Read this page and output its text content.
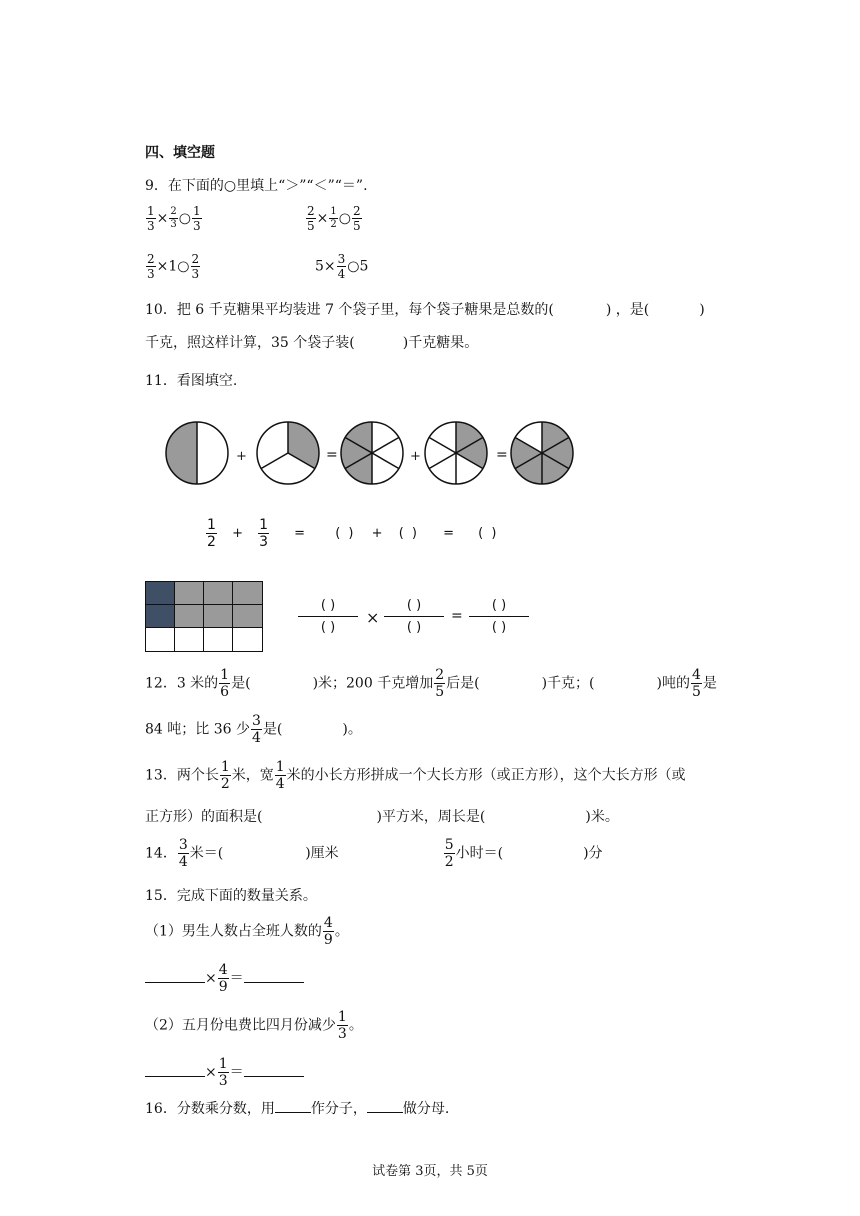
四、填空题
9．在下面的○里填上“＞”“＜”“＝”.
$\frac{1}{3} \times \frac{2}{3}$ ○ $\frac{1}{3}$	$\frac{2}{5} \times \frac{1}{2}$ ○ $\frac{2}{5}$
$\frac{2}{3}$ ×1○ $\frac{2}{3}$	$5\times \frac{3}{4}$ ○5
10．把 6 千克糖果平均装进 7 个袋子里，每个袋子糖果是总数的(	) ，是(	)
千克，照这样计算，35 个袋子装(	)千克糖果。
11．看图填空.
+	=	+	=
$\frac{1}{2} + \frac{1}{3}$ = ( ) + ( ) = ( )
( )
( )
×
( )
( )
=
( )
( )
12．3 米的 $\frac{1}{6}$ 是(	)米；200 千克增加 $\frac{2}{5}$ 后是(	)千克；(	)吨的 $\frac{4}{5}$ 是
84 吨；比 36 少 $\frac{3}{4}$ 是(	)。
13．两个长 $\frac{1}{2}$ 米，宽 $\frac{1}{4}$ 米的小长方形拼成一个大长方形（或正方形），这个大长方形（或
正方形）的面积是(	)平方米，周长是(	)米。
14． $\frac{3}{4}$ 米＝(	)厘米	$\frac{5}{2}$ 小时＝(	)分
15．完成下面的数量关系。
（1）男生人数占全班人数的 $\frac{4}{9}$ 。
× $\frac{4}{9}$ ＝
（2）五月份电费比四月份减少 $\frac{1}{3}$ 。
× $\frac{1}{3}$ ＝
16．分数乘分数，用	作分子，	做分母.
试卷第 3页，共 5页
